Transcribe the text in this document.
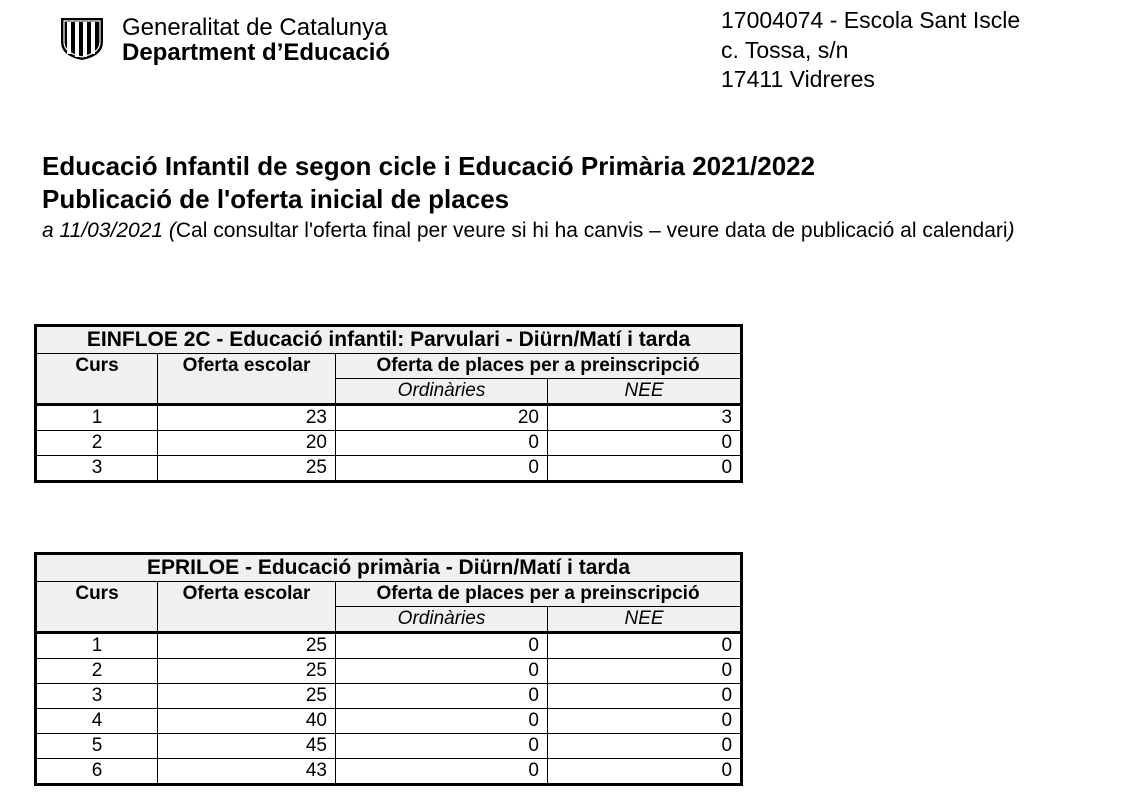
Generalitat de Catalunya
Department d’Educació
17004074 - Escola Sant Iscle
c. Tossa, s/n
17411 Vidreres
Educació Infantil de segon cicle i Educació Primària 2021/2022
Publicació de l'oferta inicial de places
a 11/03/2021 (Cal consultar l'oferta final per veure si hi ha canvis – veure data de publicació al calendari)
EINFLOE 2C - Educació infantil: Parvulari - Diürn/Matí i tarda			
Curs	Oferta escolar	Oferta de places per a preinscripció	
		Ordinàries	NEE
1	23	20	3
2	20	0	0
3	25	0	0
EPRILOE - Educació primària - Diürn/Matí i tarda			
Curs	Oferta escolar	Oferta de places per a preinscripció	
		Ordinàries	NEE
1	25	0	0
2	25	0	0
3	25	0	0
4	40	0	0
5	45	0	0
6	43	0	0
